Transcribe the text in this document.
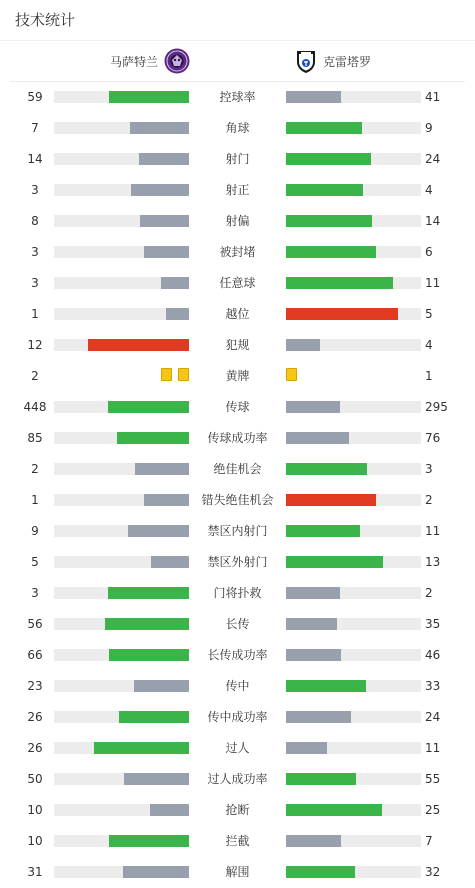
技术统计
马萨特兰	克雷塔罗
59	控球率	41
7	角球	9
14	射门	24
3	射正	4
8	射偏	14
3	被封堵	6
3	任意球	11
1	越位	5
12	犯规	4
2	黄牌	1
448	传球	295
85	传球成功率	76
2	绝佳机会	3
1	错失绝佳机会	2
9	禁区内射门	11
5	禁区外射门	13
3	门将扑救	2
56	长传	35
66	长传成功率	46
23	传中	33
26	传中成功率	24
26	过人	11
50	过人成功率	55
10	抢断	25
10	拦截	7
31	解围	32
